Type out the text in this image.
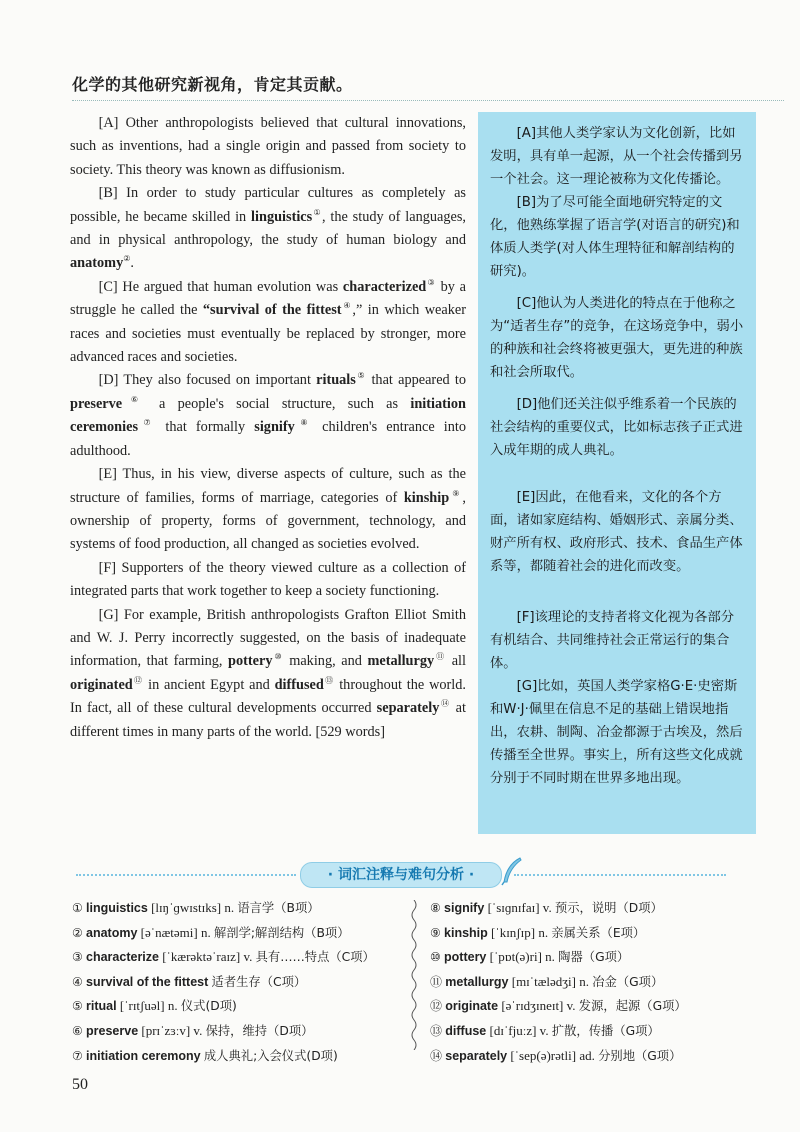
化学的其他研究新视角，肯定其贡献。

[A] Other anthropologists believed that cultural innovations, such as inventions, had a single origin and passed from society to society. This theory was known as diffusionism.

[B] In order to study particular cultures as completely as possible, he became skilled in linguistics①, the study of languages, and in physical anthropology, the study of human biology and anatomy②.

[C] He argued that human evolution was characterized③ by a struggle he called the “survival of the fittest④,” in which weaker races and societies must eventually be replaced by stronger, more advanced races and societies.

[D] They also focused on important rituals⑤ that appeared to preserve⑥ a people's social structure, such as initiation ceremonies⑦ that formally signify⑧ children's entrance into adulthood.

[E] Thus, in his view, diverse aspects of culture, such as the structure of families, forms of marriage, categories of kinship⑨, ownership of property, forms of government, technology, and systems of food production, all changed as societies evolved.

[F] Supporters of the theory viewed culture as a collection of integrated parts that work together to keep a society functioning.

[G] For example, British anthropologists Grafton Elliot Smith and W. J. Perry incorrectly suggested, on the basis of inadequate information, that farming, pottery⑩ making, and metallurgy⑪ all originated⑫ in ancient Egypt and diffused⑬ throughout the world. In fact, all of these cultural developments occurred separately⑭ at different times in many parts of the world. [529 words]

[A]其他人类学家认为文化创新，比如发明，具有单一起源，从一个社会传播到另一个社会。这一理论被称为文化传播论。

[B]为了尽可能全面地研究特定的文化，他熟练掌握了语言学(对语言的研究)和体质人类学(对人体生理特征和解剖结构的研究)。

[C]他认为人类进化的特点在于他称之为“适者生存”的竞争，在这场竞争中，弱小的种族和社会终将被更强大，更先进的种族和社会所取代。

[D]他们还关注似乎维系着一个民族的社会结构的重要仪式，比如标志孩子正式进入成年期的成人典礼。

[E]因此，在他看来，文化的各个方面，诸如家庭结构、婚姻形式、亲属分类、财产所有权、政府形式、技术、食品生产体系等，都随着社会的进化而改变。

[F]该理论的支持者将文化视为各部分有机结合、共同维持社会正常运行的集合体。

[G]比如，英国人类学家格G·E·史密斯和W·J·佩里在信息不足的基础上错误地指出，农耕、制陶、冶金都源于古埃及，然后传播至全世界。事实上，所有这些文化成就分别于不同时期在世界多地出现。

· 词汇注释与难句分析 ·
① linguistics [lɪŋˈɡwɪstɪks] n. 语言学（B项）
② anatomy [əˈnætəmi] n. 解剖学;解剖结构（B项）
③ characterize [ˈkærəktəˈraɪz] v. 具有……特点（C项）
④ survival of the fittest 适者生存（C项）
⑤ ritual [ˈrɪtʃuəl] n. 仪式(D项)
⑥ preserve [prɪˈzɜːv] v. 保持，维持（D项）
⑦ initiation ceremony 成人典礼;入会仪式(D项)
⑧ signify [ˈsɪɡnɪfaɪ] v. 预示，说明（D项）
⑨ kinship [ˈkɪnʃɪp] n. 亲属关系（E项）
⑩ pottery [ˈpɒt(ə)ri] n. 陶器（G项）
⑪ metallurgy [mɪˈtælədʒi] n. 冶金（G项）
⑫ originate [əˈrɪdʒɪneɪt] v. 发源，起源（G项）
⑬ diffuse [dɪˈfjuːz] v. 扩散，传播（G项）
⑭ separately [ˈsep(ə)rətli] ad. 分别地（G项）
50
